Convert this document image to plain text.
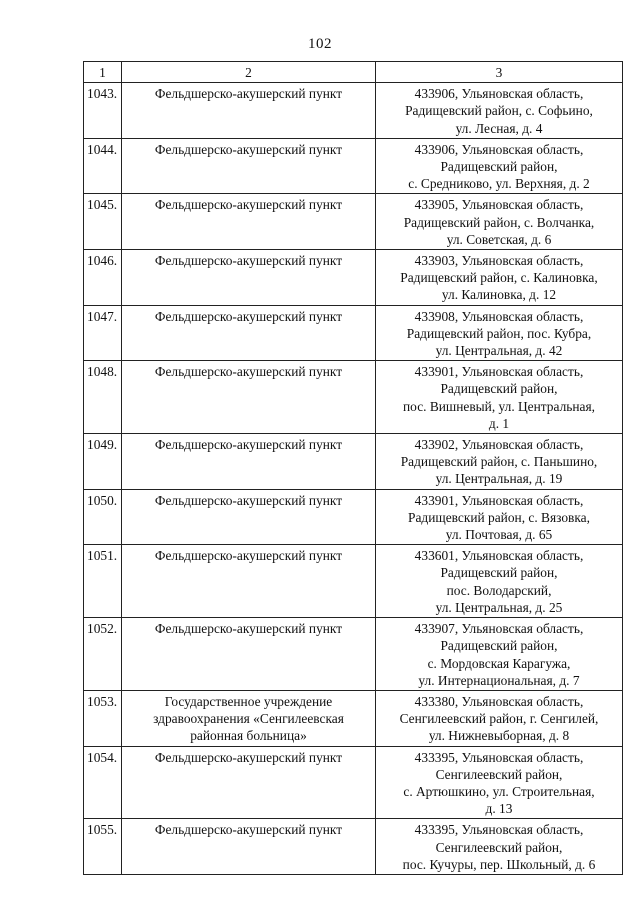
102
1	2	3
1043.	Фельдшерско-акушерский пункт	433906, Ульяновская область,
Радищевский район, с. Софьино,
ул. Лесная, д. 4

1044.	Фельдшерско-акушерский пункт	433906, Ульяновская область,
Радищевский район,
с. Средниково, ул. Верхняя, д. 2

1045.	Фельдшерско-акушерский пункт	433905, Ульяновская область,
Радищевский район, с. Волчанка,
ул. Советская, д. 6

1046.	Фельдшерско-акушерский пункт	433903, Ульяновская область,
Радищевский район, с. Калиновка,
ул. Калиновка, д. 12

1047.	Фельдшерско-акушерский пункт	433908, Ульяновская область,
Радищевский район, пос. Кубра,
ул. Центральная, д. 42

1048.	Фельдшерско-акушерский пункт	433901, Ульяновская область,
Радищевский район,
пос. Вишневый, ул. Центральная,
д. 1

1049.	Фельдшерско-акушерский пункт	433902, Ульяновская область,
Радищевский район, с. Паньшино,
ул. Центральная, д. 19

1050.	Фельдшерско-акушерский пункт	433901, Ульяновская область,
Радищевский район, с. Вязовка,
ул. Почтовая, д. 65

1051.	Фельдшерско-акушерский пункт	433601, Ульяновская область,
Радищевский район,
пос. Володарский,
ул. Центральная, д. 25

1052.	Фельдшерско-акушерский пункт	433907, Ульяновская область,
Радищевский район,
с. Мордовская Карагужа,
ул. Интернациональная, д. 7

1053.	Государственное учреждение
здравоохранения «Сенгилеевская
районная больница»	433380, Ульяновская область,
Сенгилеевский район, г. Сенгилей,
ул. Нижневыборная, д. 8

1054.	Фельдшерско-акушерский пункт	433395, Ульяновская область,
Сенгилеевский район,
с. Артюшкино, ул. Строительная,
д. 13

1055.	Фельдшерско-акушерский пункт	433395, Ульяновская область,
Сенгилеевский район,
пос. Кучуры, пер. Школьный, д. 6
